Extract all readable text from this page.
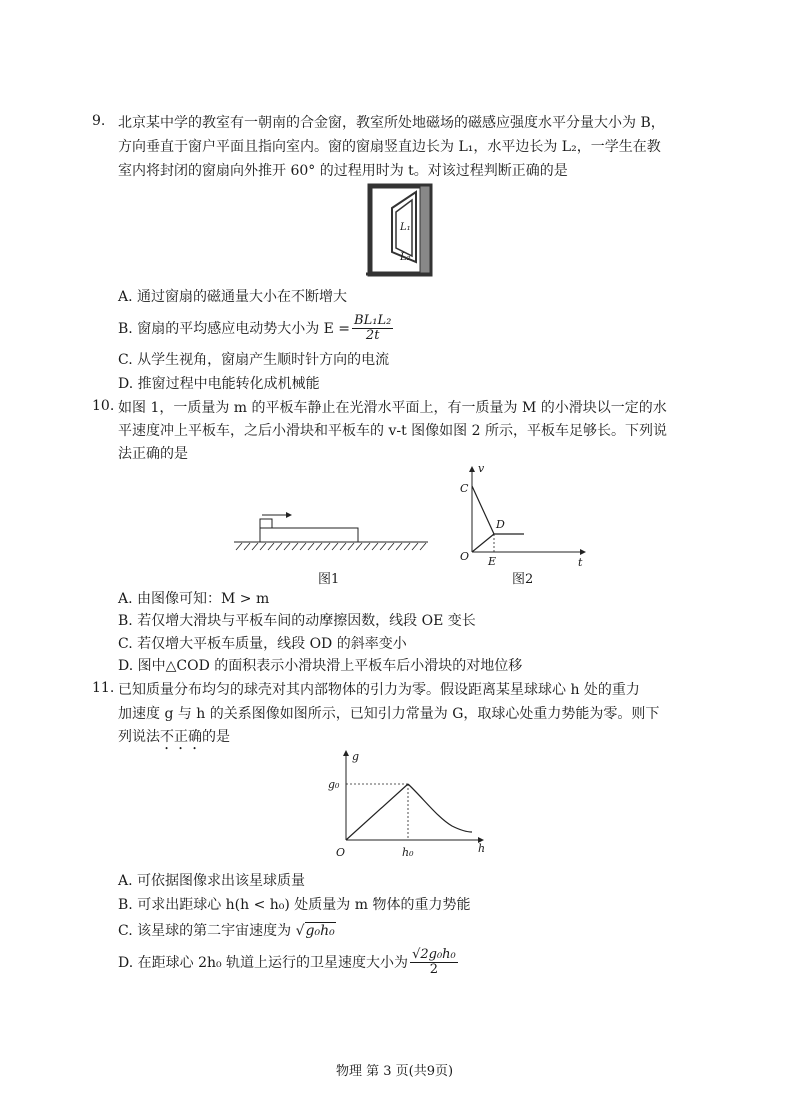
9. 北京某中学的教室有一朝南的合金窗，教室所处地磁场的磁感应强度水平分量大小为 B，
方向垂直于窗户平面且指向室内。窗的窗扇竖直边长为 L₁，水平边长为 L₂，一学生在教
室内将封闭的窗扇向外推开 60° 的过程用时为 t。对该过程判断正确的是
L₁
L₂
A. 通过窗扇的磁通量大小在不断增大
B. 窗扇的平均感应电动势大小为 $E = \frac{\text{BL₁L₂}}{2t}$
C. 从学生视角，窗扇产生顺时针方向的电流
D. 推窗过程中电能转化成机械能
10. 如图 1，一质量为 m 的平板车静止在光滑水平面上，有一质量为 M 的小滑块以一定的水
平速度冲上平板车，之后小滑块和平板车的 v-t 图像如图 2 所示，平板车足够长。下列说
法正确的是
图1
v
t
C
D
O E
图2
A. 由图像可知：M > m
B. 若仅增大滑块与平板车间的动摩擦因数，线段 OE 变长
C. 若仅增大平板车质量，线段 OD 的斜率变小
D. 图中△COD 的面积表示小滑块滑上平板车后小滑块的对地位移
11. 已知质量分布均匀的球壳对其内部物体的引力为零。假设距离某星球球心 h 处的重力
加速度 g 与 h 的关系图像如图所示，已知引力常量为 G，取球心处重力势能为零。则下
列说法不正确的是
g
g₀
O	h₀	h
A. 可依据图像求出该星球质量
B. 可求出距球心 h(h < h₀) 处质量为 m 物体的重力势能
C. 该星球的第二宇宙速度为 √g₀h₀
D. 在距球心 2h₀ 轨道上运行的卫星速度大小为 $\frac{\text{√2g₀h₀}}{2}$
物理 第 3 页(共9页)
